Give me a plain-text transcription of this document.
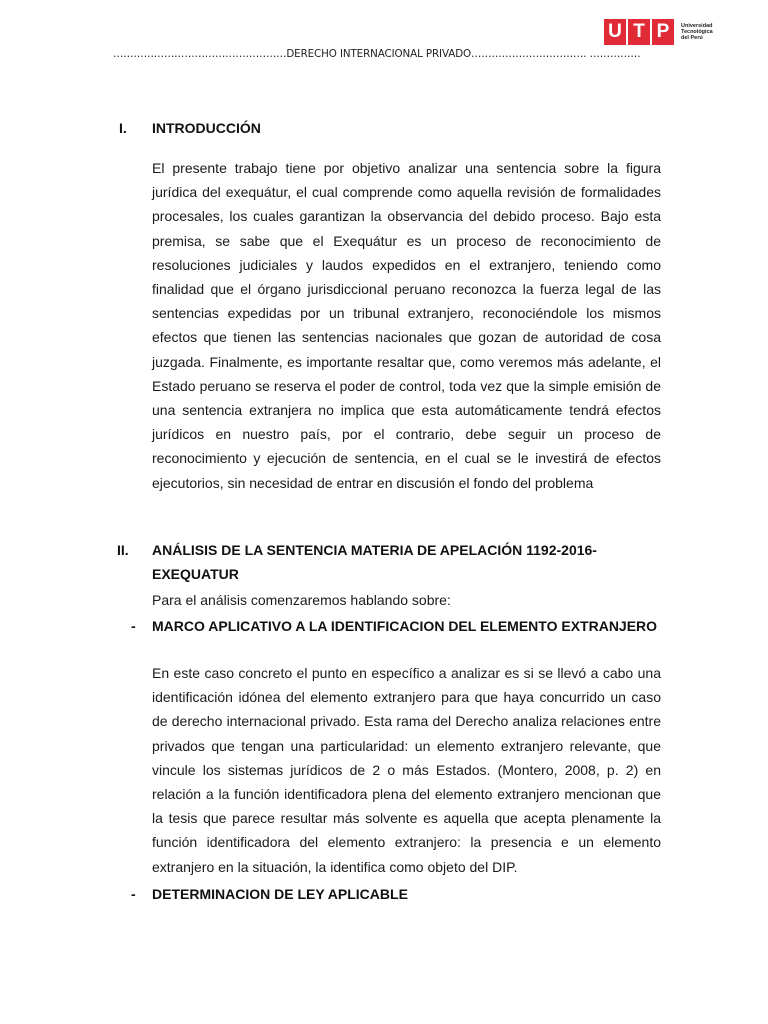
U T P	Universidad
Tecnológica
del Perú
……………………………………………DERECHO INTERNACIONAL PRIVADO……………………………. ……………
I. INTRODUCCIÓN
El presente trabajo tiene por objetivo analizar una sentencia sobre la figura jurídica del exequátur, el cual comprende como aquella revisión de formalidades procesales, los cuales garantizan la observancia del debido proceso. Bajo esta premisa, se sabe que el Exequátur es un proceso de reconocimiento de resoluciones judiciales y laudos expedidos en el extranjero, teniendo como finalidad que el órgano jurisdiccional peruano reconozca la fuerza legal de las sentencias expedidas por un tribunal extranjero, reconociéndole los mismos efectos que tienen las sentencias nacionales que gozan de autoridad de cosa juzgada. Finalmente, es importante resaltar que, como veremos más adelante, el Estado peruano se reserva el poder de control, toda vez que la simple emisión de una sentencia extranjera no implica que esta automáticamente tendrá efectos jurídicos en nuestro país, por el contrario, debe seguir un proceso de reconocimiento y ejecución de sentencia, en el cual se le investirá de efectos ejecutorios, sin necesidad de entrar en discusión el fondo del problema
II. ANÁLISIS DE LA SENTENCIA MATERIA DE APELACIÓN 1192-2016-
EXEQUATUR
Para el análisis comenzaremos hablando sobre:
- MARCO APLICATIVO A LA IDENTIFICACION DEL ELEMENTO EXTRANJERO
En este caso concreto el punto en específico a analizar es si se llevó a cabo una identificación idónea del elemento extranjero para que haya concurrido un caso de derecho internacional privado. Esta rama del Derecho analiza relaciones entre privados que tengan una particularidad: un elemento extranjero relevante, que vincule los sistemas jurídicos de 2 o más Estados. (Montero, 2008, p. 2) en relación a la función identificadora plena del elemento extranjero mencionan que la tesis que parece resultar más solvente es aquella que acepta plenamente la función identificadora del elemento extranjero: la presencia e un elemento extranjero en la situación, la identifica como objeto del DIP.
- DETERMINACION DE LEY APLICABLE
